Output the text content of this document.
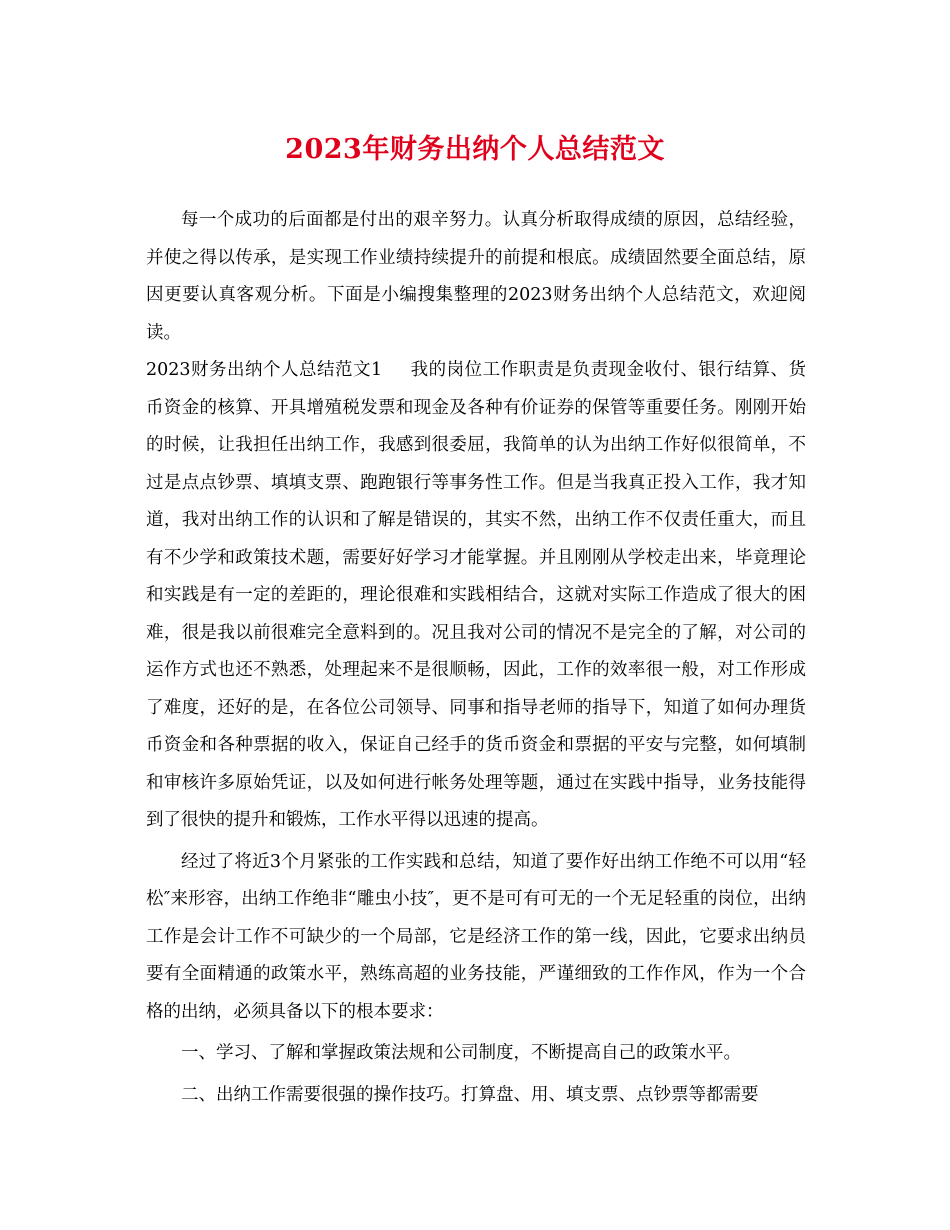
2023年财务出纳个人总结范文

每一个成功的后面都是付出的艰辛努力。认真分析取得成绩的原因，总结经验，并使之得以传承，是实现工作业绩持续提升的前提和根底。成绩固然要全面总结，原因更要认真客观分析。下面是小编搜集整理的2023财务出纳个人总结范文，欢迎阅读。

2023财务出纳个人总结范文1 我的岗位工作职责是负责现金收付、银行结算、货币资金的核算、开具增殖税发票和现金及各种有价证券的保管等重要任务。刚刚开始的时候，让我担任出纳工作，我感到很委屈，我简单的认为出纳工作好似很简单，不过是点点钞票、填填支票、跑跑银行等事务性工作。但是当我真正投入工作，我才知道，我对出纳工作的认识和了解是错误的，其实不然，出纳工作不仅责任重大，而且有不少学和政策技术题，需要好好学习才能掌握。并且刚刚从学校走出来，毕竟理论和实践是有一定的差距的，理论很难和实践相结合，这就对实际工作造成了很大的困难，很是我以前很难完全意料到的。况且我对公司的情况不是完全的了解，对公司的运作方式也还不熟悉，处理起来不是很顺畅，因此，工作的效率很一般，对工作形成了难度，还好的是，在各位公司领导、同事和指导老师的指导下，知道了如何办理货币资金和各种票据的收入，保证自己经手的货币资金和票据的平安与完整，如何填制和审核许多原始凭证，以及如何进行帐务处理等题，通过在实践中指导，业务技能得到了很快的提升和锻炼，工作水平得以迅速的提高。

经过了将近3个月紧张的工作实践和总结，知道了要作好出纳工作绝不可以用“轻松″来形容，出纳工作绝非“雕虫小技″，更不是可有可无的一个无足轻重的岗位，出纳工作是会计工作不可缺少的一个局部，它是经济工作的第一线，因此，它要求出纳员要有全面精通的政策水平，熟练高超的业务技能，严谨细致的工作作风，作为一个合格的出纳，必须具备以下的根本要求：

一、学习、了解和掌握政策法规和公司制度，不断提高自己的政策水平。

二、出纳工作需要很强的操作技巧。打算盘、用、填支票、点钞票等都需要
